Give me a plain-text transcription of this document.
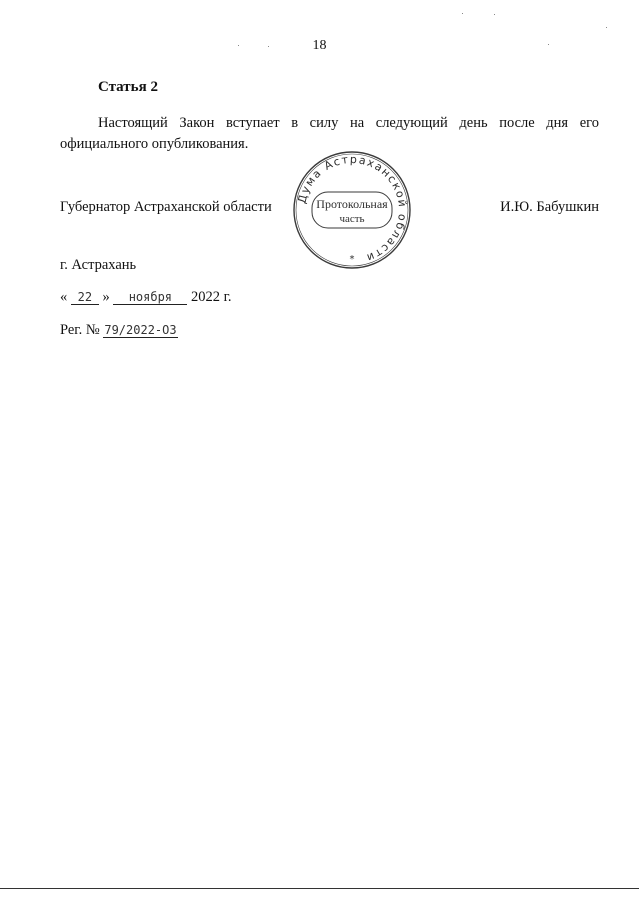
18
Статья 2

Настоящий Закон вступает в силу на следующий день после дня его официального опубликования.

Губернатор Астраханской области
Дума Астраханской области
Протокольная
часть
*
И.Ю. Бабушкин
г. Астрахань
« 22 » ноября 2022 г.
Рег. № 79/2022-ОЗ
